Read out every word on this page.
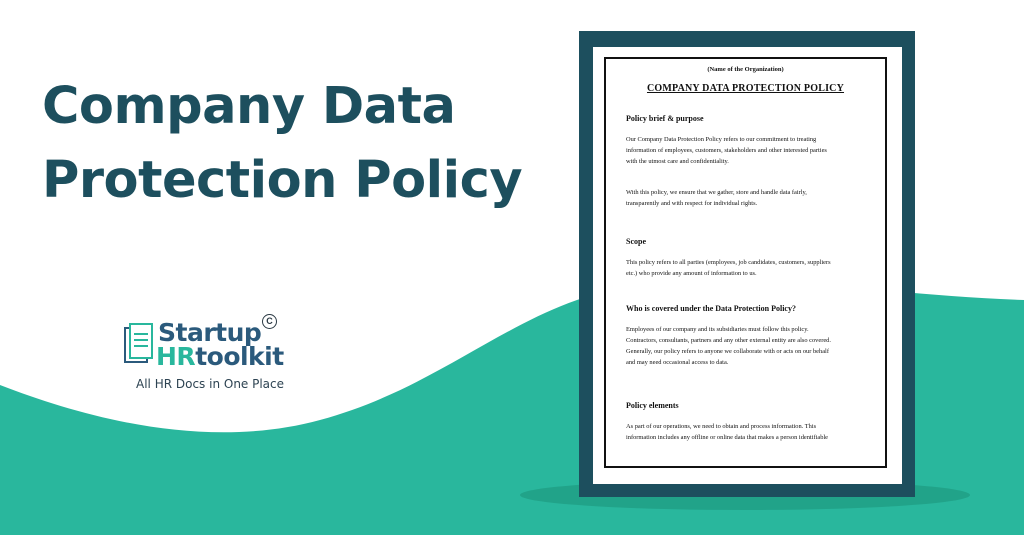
Company Data
Protection Policy
Startup
HRtoolkit
C
All HR Docs in One Place
(Name of the Organization)
COMPANY DATA PROTECTION POLICY
Policy brief & purpose
Our Company Data Protection Policy refers to our commitment to treating
information of employees, customers, stakeholders and other interested parties
with the utmost care and confidentiality.
With this policy, we ensure that we gather, store and handle data fairly,
transparently and with respect for individual rights.
Scope
This policy refers to all parties (employees, job candidates, customers, suppliers
etc.) who provide any amount of information to us.
Who is covered under the Data Protection Policy?
Employees of our company and its subsidiaries must follow this policy.
Contractors, consultants, partners and any other external entity are also covered.
Generally, our policy refers to anyone we collaborate with or acts on our behalf
and may need occasional access to data.
Policy elements
As part of our operations, we need to obtain and process information. This
information includes any offline or online data that makes a person identifiable
